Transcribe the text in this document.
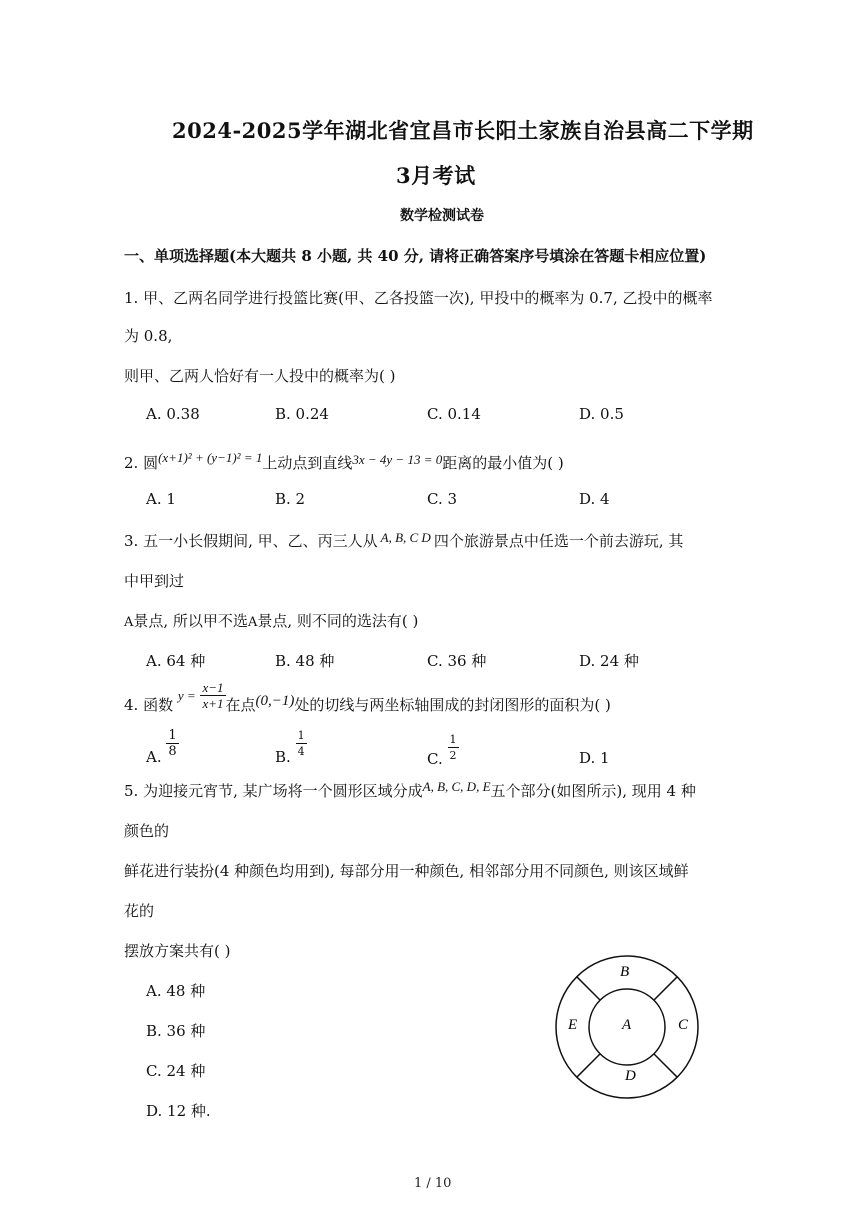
2024-2025学年湖北省宜昌市长阳土家族自治县高二下学期
3月考试
数学检测试卷
一、单项选择题(本大题共 8 小题, 共 40 分, 请将正确答案序号填涂在答题卡相应位置)
1. 甲、乙两名同学进行投篮比赛(甲、乙各投篮一次), 甲投中的概率为 0.7, 乙投中的概率
为 0.8,
则甲、乙两人恰好有一人投中的概率为( )
A. 0.38	B. 0.24	C. 0.14	D. 0.5
2. 圆(x+1)² + (y−1)² = 1上动点到直线3x − 4y − 13 = 0距离的最小值为( )
A. 1	B. 2	C. 3	D. 4
3. 五一小长假期间, 甲、乙、丙三人从 A, B, C D 四个旅游景点中任选一个前去游玩, 其
中甲到过
A景点, 所以甲不选A景点, 则不同的选法有( )
A. 64 种	B. 48 种	C. 36 种	D. 24 种
4. 函数 $y = \frac{x-1}{x+1}$ 在点(0,−1)处的切线与两坐标轴围成的封闭图形的面积为( )
A. $\frac{1}{8}$	B. $\frac{1}{4}$	C. $\frac{1}{2}$	D. 1
5. 为迎接元宵节, 某广场将一个圆形区域分成A, B, C, D, E五个部分(如图所示), 现用 4 种
颜色的
鲜花进行装扮(4 种颜色均用到), 每部分用一种颜色, 相邻部分用不同颜色, 则该区域鲜
花的
摆放方案共有( )
A. 48 种
B. 36 种
C. 24 种
D. 12 种.
A
B
C
D
E
1 / 10
